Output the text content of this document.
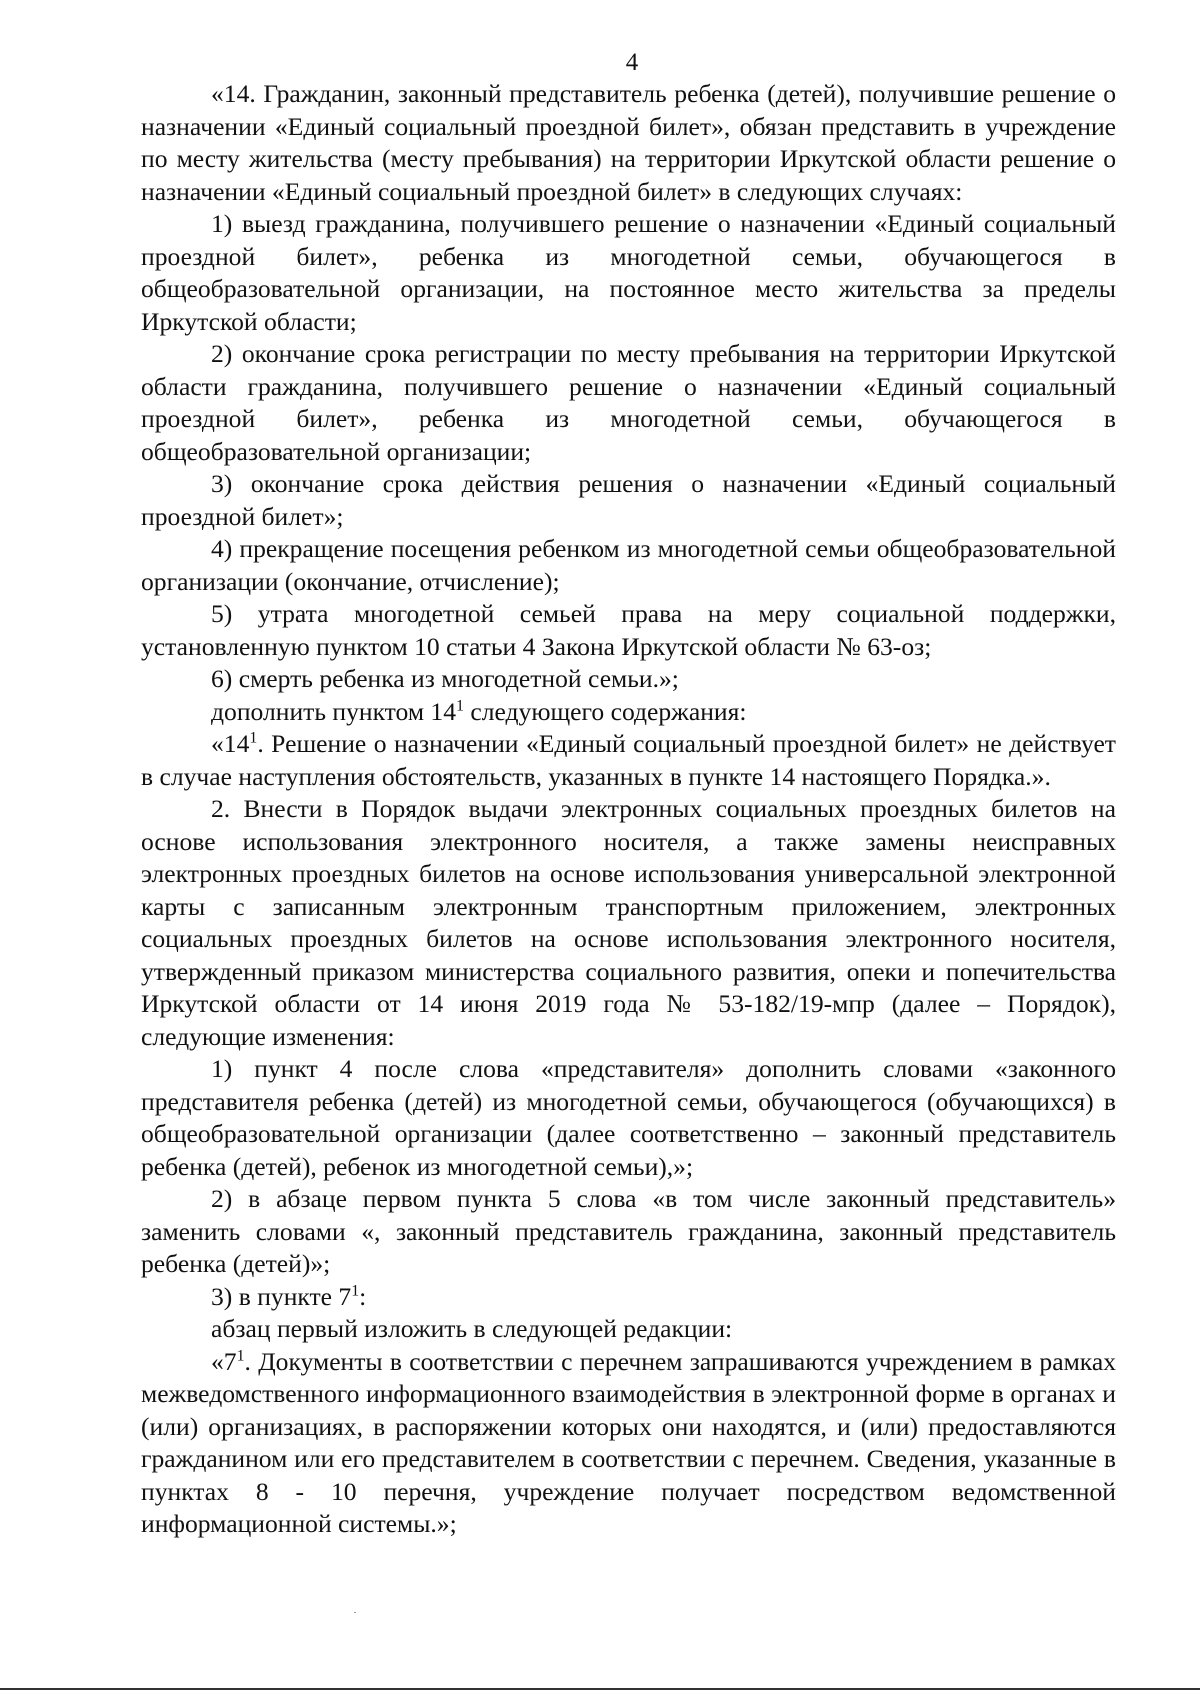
4

«14. Гражданин, законный представитель ребенка (детей), получившие решение о назначении «Единый социальный проездной билет», обязан представить в учреждение по месту жительства (месту пребывания) на территории Иркутской области решение о назначении «Единый социальный проездной билет» в следующих случаях:

1) выезд гражданина, получившего решение о назначении «Единый социальный проездной билет», ребенка из многодетной семьи, обучающегося в общеобразовательной организации, на постоянное место жительства за пределы Иркутской области;

2) окончание срока регистрации по месту пребывания на территории Иркутской области гражданина, получившего решение о назначении «Единый социальный проездной билет», ребенка из многодетной семьи, обучающегося в общеобразовательной организации;

3) окончание срока действия решения о назначении «Единый социальный проездной билет»;

4) прекращение посещения ребенком из многодетной семьи общеобразовательной организации (окончание, отчисление);

5) утрата многодетной семьей права на меру социальной поддержки, установленную пунктом 10 статьи 4 Закона Иркутской области № 63-оз;

6) смерть ребенка из многодетной семьи.»;

дополнить пунктом $14^1$ следующего содержания:

«$14^1$. Решение о назначении «Единый социальный проездной билет» не действует в случае наступления обстоятельств, указанных в пункте 14 настоящего Порядка.».

2. Внести в Порядок выдачи электронных социальных проездных билетов на основе использования электронного носителя, а также замены неисправных электронных проездных билетов на основе использования универсальной электронной карты с записанным электронным транспортным приложением, электронных социальных проездных билетов на основе использования электронного носителя, утвержденный приказом министерства социального развития, опеки и попечительства Иркутской области от 14 июня 2019 года № 53-182/19-мпр (далее – Порядок), следующие изменения:

1) пункт 4 после слова «представителя» дополнить словами «законного представителя ребенка (детей) из многодетной семьи, обучающегося (обучающихся) в общеобразовательной организации (далее соответственно – законный представитель ребенка (детей), ребенок из многодетной семьи),»;

2) в абзаце первом пункта 5 слова «в том числе законный представитель» заменить словами «, законный представитель гражданина, законный представитель ребенка (детей)»;

3) в пункте $7^1$:

абзац первый изложить в следующей редакции:

«$7^1$. Документы в соответствии с перечнем запрашиваются учреждением в рамках межведомственного информационного взаимодействия в электронной форме в органах и (или) организациях, в распоряжении которых они находятся, и (или) предоставляются гражданином или его представителем в соответствии с перечнем. Сведения, указанные в пунктах 8 - 10 перечня, учреждение получает посредством ведомственной информационной системы.»;
